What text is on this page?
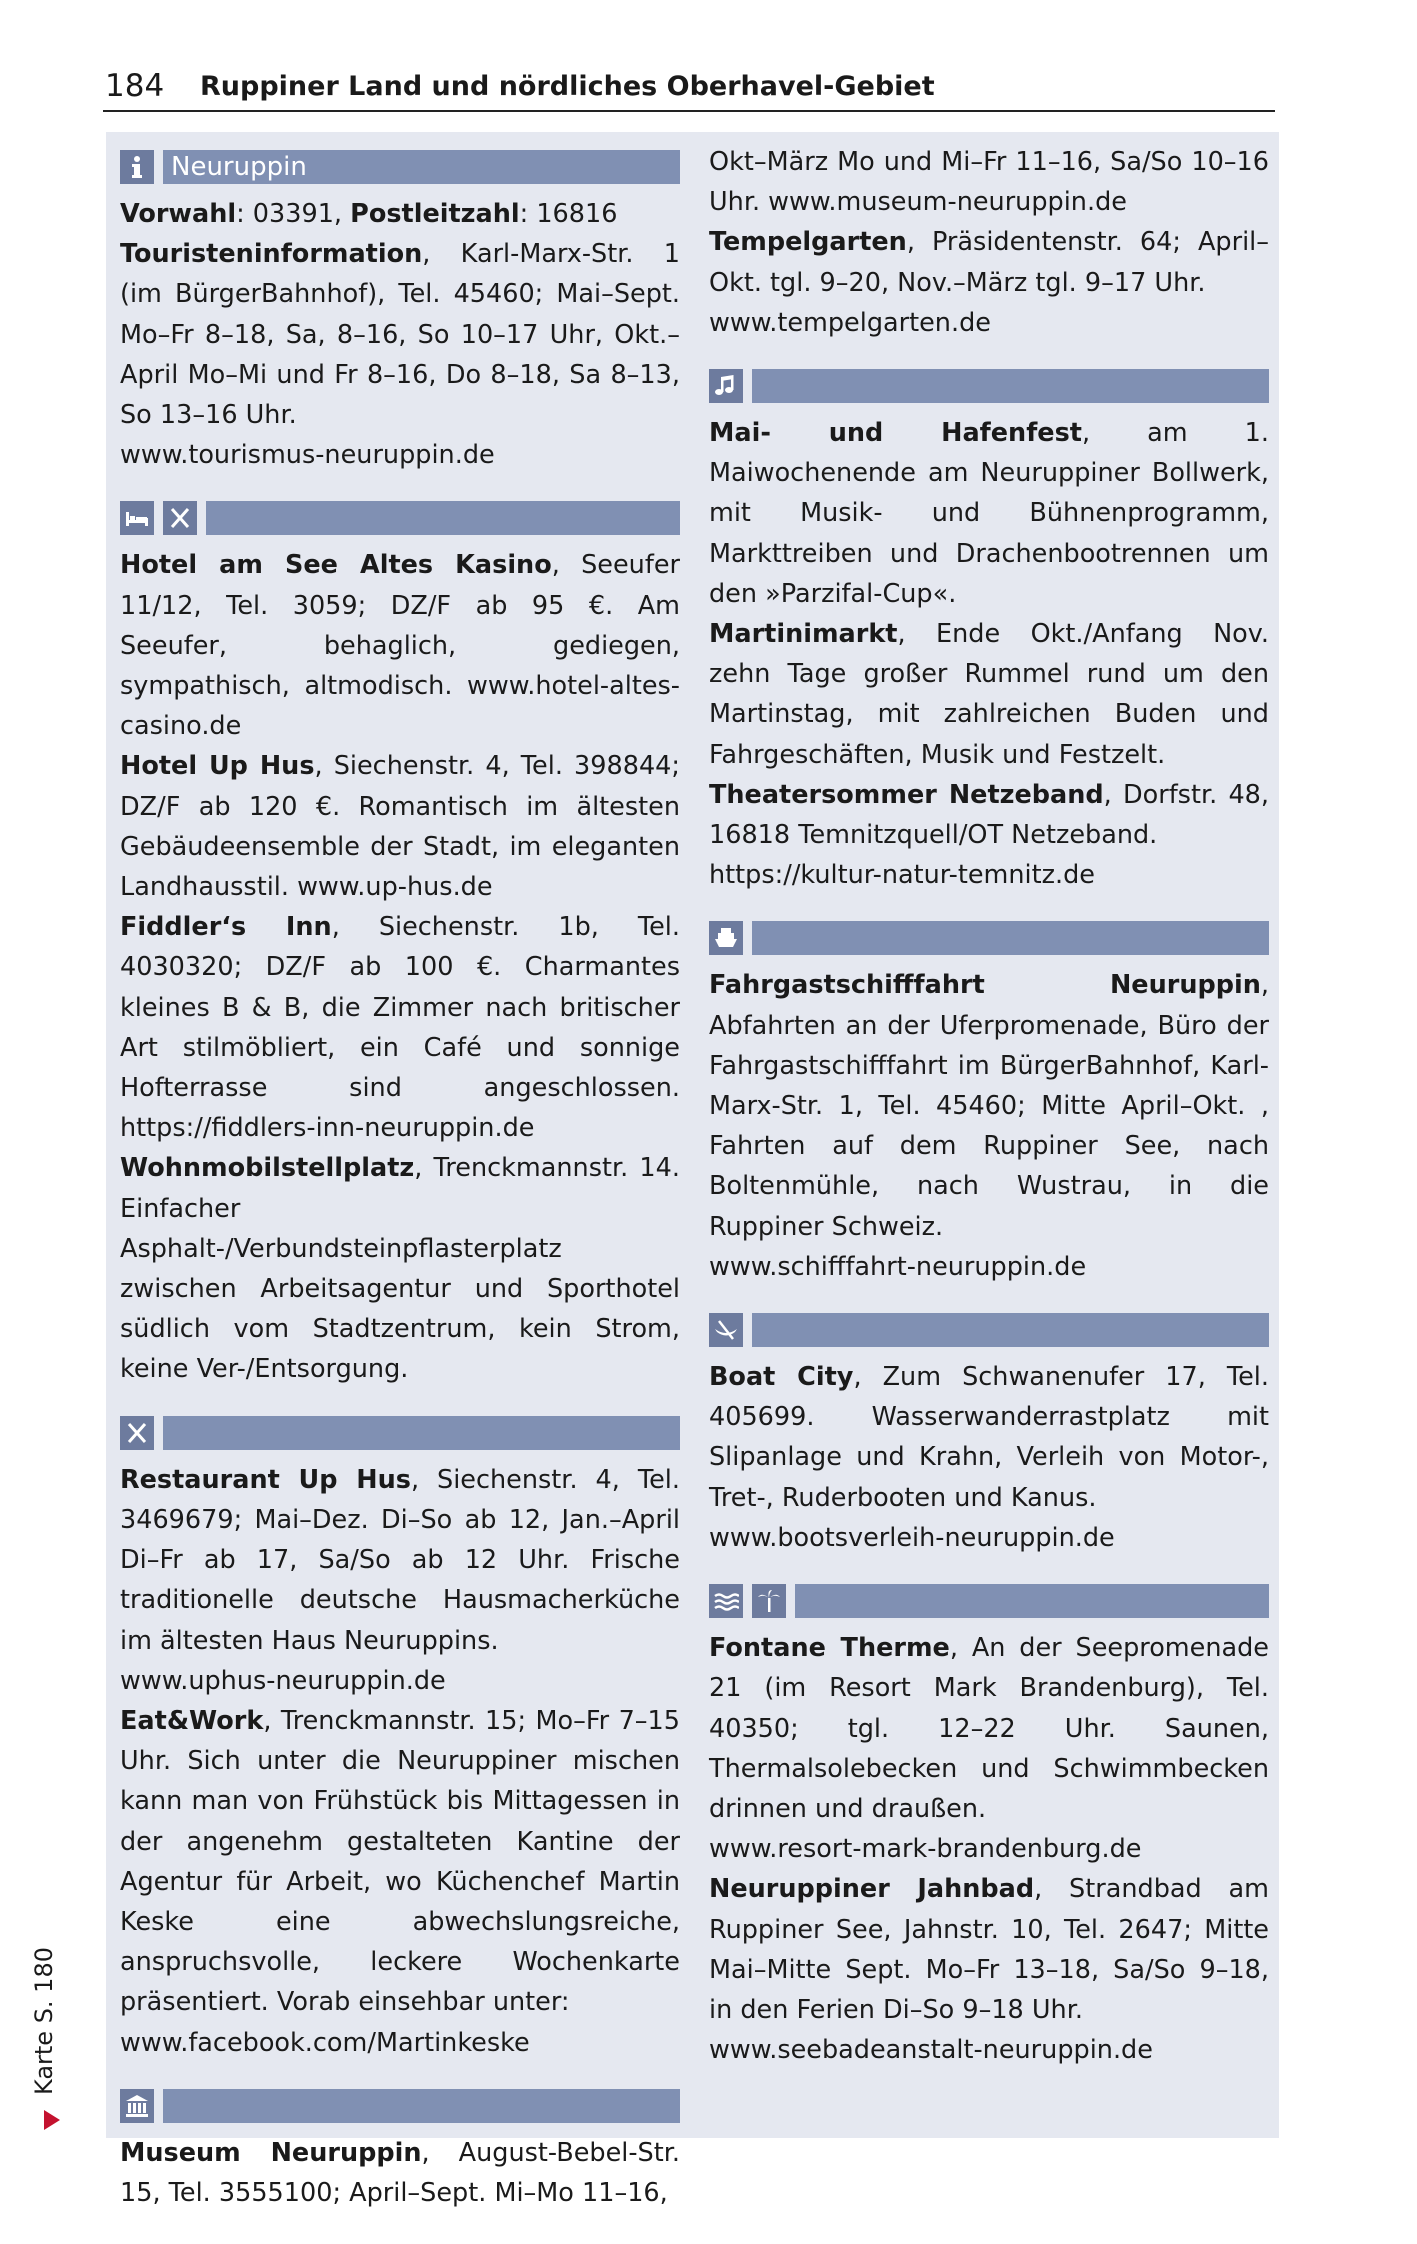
184 Ruppiner Land und nördliches Oberhavel-Gebiet
Karte S. 180
Neuruppin

Vorwahl: 03391, Postleitzahl: 16816

Touristeninformation, Karl-Marx-Str. 1 (im BürgerBahnhof), Tel. 45460; Mai–Sept. Mo–Fr 8–18, Sa, 8–16, So 10–17 Uhr, Okt.– April Mo–Mi und Fr 8–16, Do 8–18, Sa 8–13, So 13–16 Uhr.

www.tourismus-neuruppin.de

Hotel am See Altes Kasino, Seeufer 11/12, Tel. 3059; DZ/F ab 95 €. Am Seeufer, behaglich, gediegen, sympathisch, altmodisch. www.hotel-altes-casino.de

Hotel Up Hus, Siechenstr. 4, Tel. 398844; DZ/F ab 120 €. Romantisch im ältesten Gebäudeensemble der Stadt, im eleganten Landhausstil. www.up-hus.de

Fiddler‘s Inn, Siechenstr. 1b, Tel. 4030320; DZ/F ab 100 €. Charmantes kleines B & B, die Zimmer nach britischer Art stilmöbliert, ein Café und sonnige Hofterrasse sind angeschlossen. https://fiddlers-inn-neuruppin.de

Wohnmobilstellplatz, Trenckmannstr. 14. Einfacher Asphalt-/Verbundsteinpflasterplatz zwischen Arbeitsagentur und Sporthotel südlich vom Stadtzentrum, kein Strom, keine Ver-/Entsorgung.

Restaurant Up Hus, Siechenstr. 4, Tel. 3469679; Mai–Dez. Di–So ab 12, Jan.–April Di–Fr ab 17, Sa/So ab 12 Uhr. Frische traditionelle deutsche Hausmacherküche im ältesten Haus Neuruppins.

www.uphus-neuruppin.de

Eat&Work, Trenckmannstr. 15; Mo–Fr 7–15 Uhr. Sich unter die Neuruppiner mischen kann man von Frühstück bis Mittagessen in der angenehm gestalteten Kantine der Agentur für Arbeit, wo Küchenchef Martin Keske eine abwechslungsreiche, anspruchsvolle, leckere Wochenkarte präsentiert. Vorab einsehbar unter:

www.facebook.com/Martinkeske

Museum Neuruppin, August-Bebel-Str. 15, Tel. 3555100; April–Sept. Mi–Mo 11–16,

Okt–März Mo und Mi–Fr 11–16, Sa/So 10–16 Uhr. www.museum-neuruppin.de

Tempelgarten, Präsidentenstr. 64; April–Okt. tgl. 9–20, Nov.–März tgl. 9–17 Uhr.

www.tempelgarten.de

Mai- und Hafenfest, am 1. Maiwochenende am Neuruppiner Bollwerk, mit Musik- und Bühnenprogramm, Markttreiben und Drachenbootrennen um den »Parzifal-Cup«.

Martinimarkt, Ende Okt./Anfang Nov. zehn Tage großer Rummel rund um den Martinstag, mit zahlreichen Buden und Fahrgeschäften, Musik und Festzelt.

Theatersommer Netzeband, Dorfstr. 48, 16818 Temnitzquell/OT Netzeband.

https://kultur-natur-temnitz.de

Fahrgastschifffahrt Neuruppin, Abfahrten an der Uferpromenade, Büro der Fahrgastschifffahrt im BürgerBahnhof, Karl-Marx-Str. 1, Tel. 45460; Mitte April–Okt. , Fahrten auf dem Ruppiner See, nach Boltenmühle, nach Wustrau, in die Ruppiner Schweiz.

www.schifffahrt-neuruppin.de

Boat City, Zum Schwanenufer 17, Tel. 405699. Wasserwanderrastplatz mit Slipanlage und Krahn, Verleih von Motor-, Tret-, Ruderbooten und Kanus.

www.bootsverleih-neuruppin.de

Fontane Therme, An der Seepromenade 21 (im Resort Mark Brandenburg), Tel. 40350; tgl. 12–22 Uhr. Saunen, Thermalsolebecken und Schwimmbecken drinnen und draußen.

www.resort-mark-brandenburg.de

Neuruppiner Jahnbad, Strandbad am Ruppiner See, Jahnstr. 10, Tel. 2647; Mitte Mai–Mitte Sept. Mo–Fr 13–18, Sa/So 9–18, in den Ferien Di–So 9–18 Uhr.

www.seebadeanstalt-neuruppin.de
